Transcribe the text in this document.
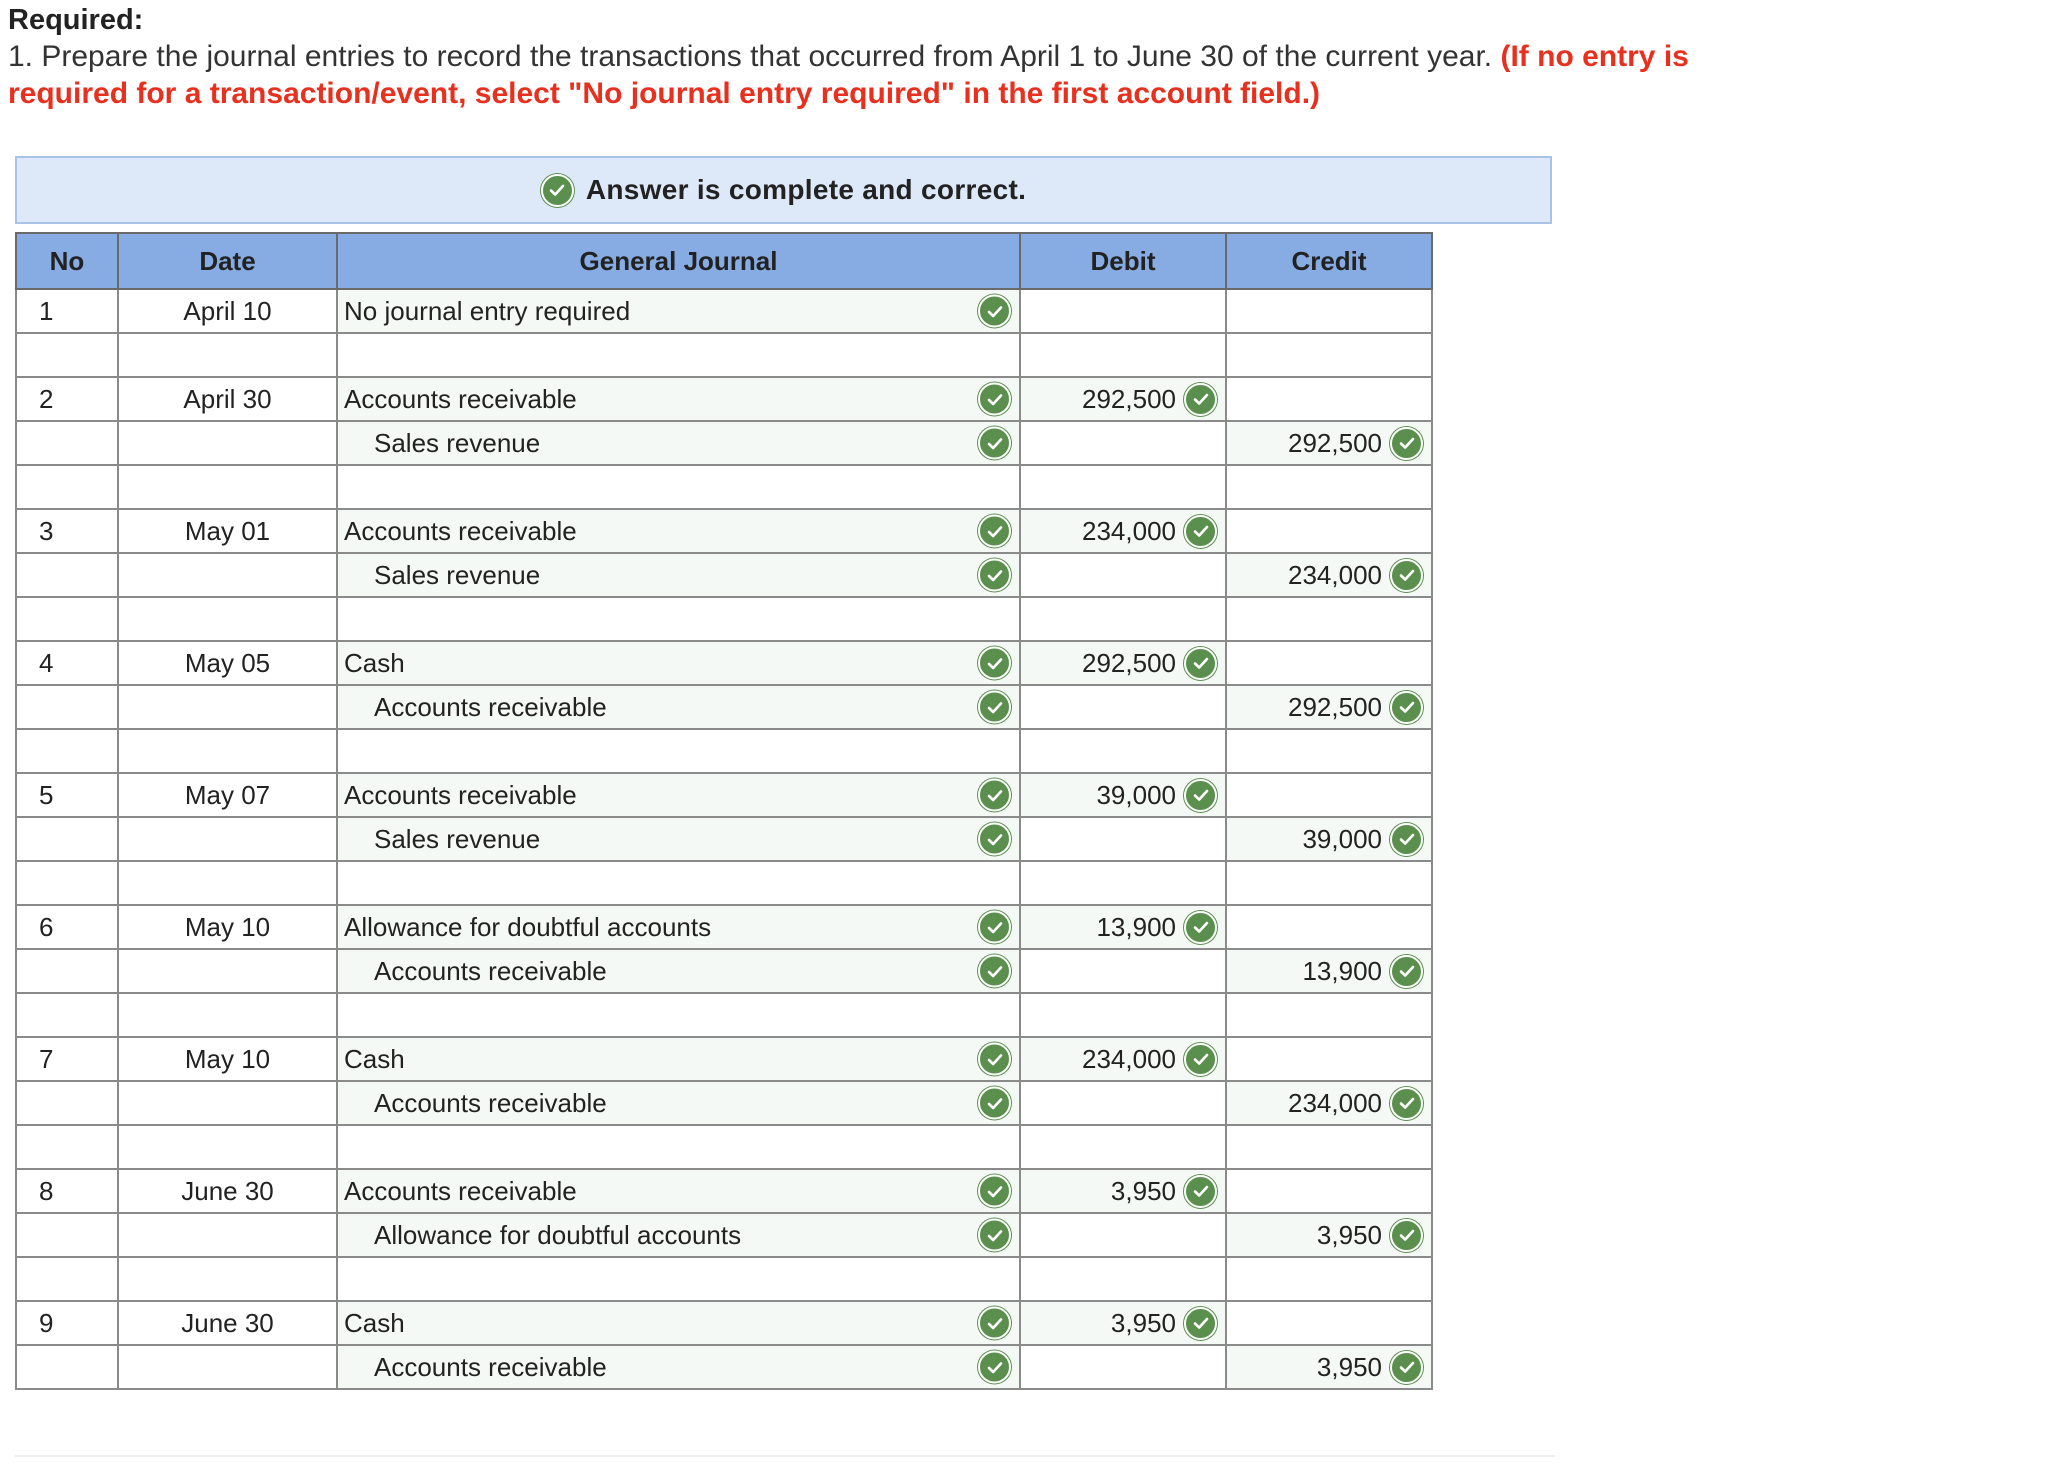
Required:
1. Prepare the journal entries to record the transactions that occurred from April 1 to June 30 of the current year. (If no entry is
required for a transaction/event, select "No journal entry required" in the first account field.)
Answer is complete and correct.
No	Date	General Journal	Debit	Credit
1	April 10	No journal entry required		

2	April 30	Accounts receivable	292,500	

		Sales revenue		292,500

3	May 01	Accounts receivable	234,000	

		Sales revenue		234,000

4	May 05	Cash	292,500	

		Accounts receivable		292,500

5	May 07	Accounts receivable	39,000	

		Sales revenue		39,000

6	May 10	Allowance for doubtful accounts	13,900	

		Accounts receivable		13,900

7	May 10	Cash	234,000	

		Accounts receivable		234,000

8	June 30	Accounts receivable	3,950	

		Allowance for doubtful accounts		3,950

9	June 30	Cash	3,950	

		Accounts receivable		3,950
